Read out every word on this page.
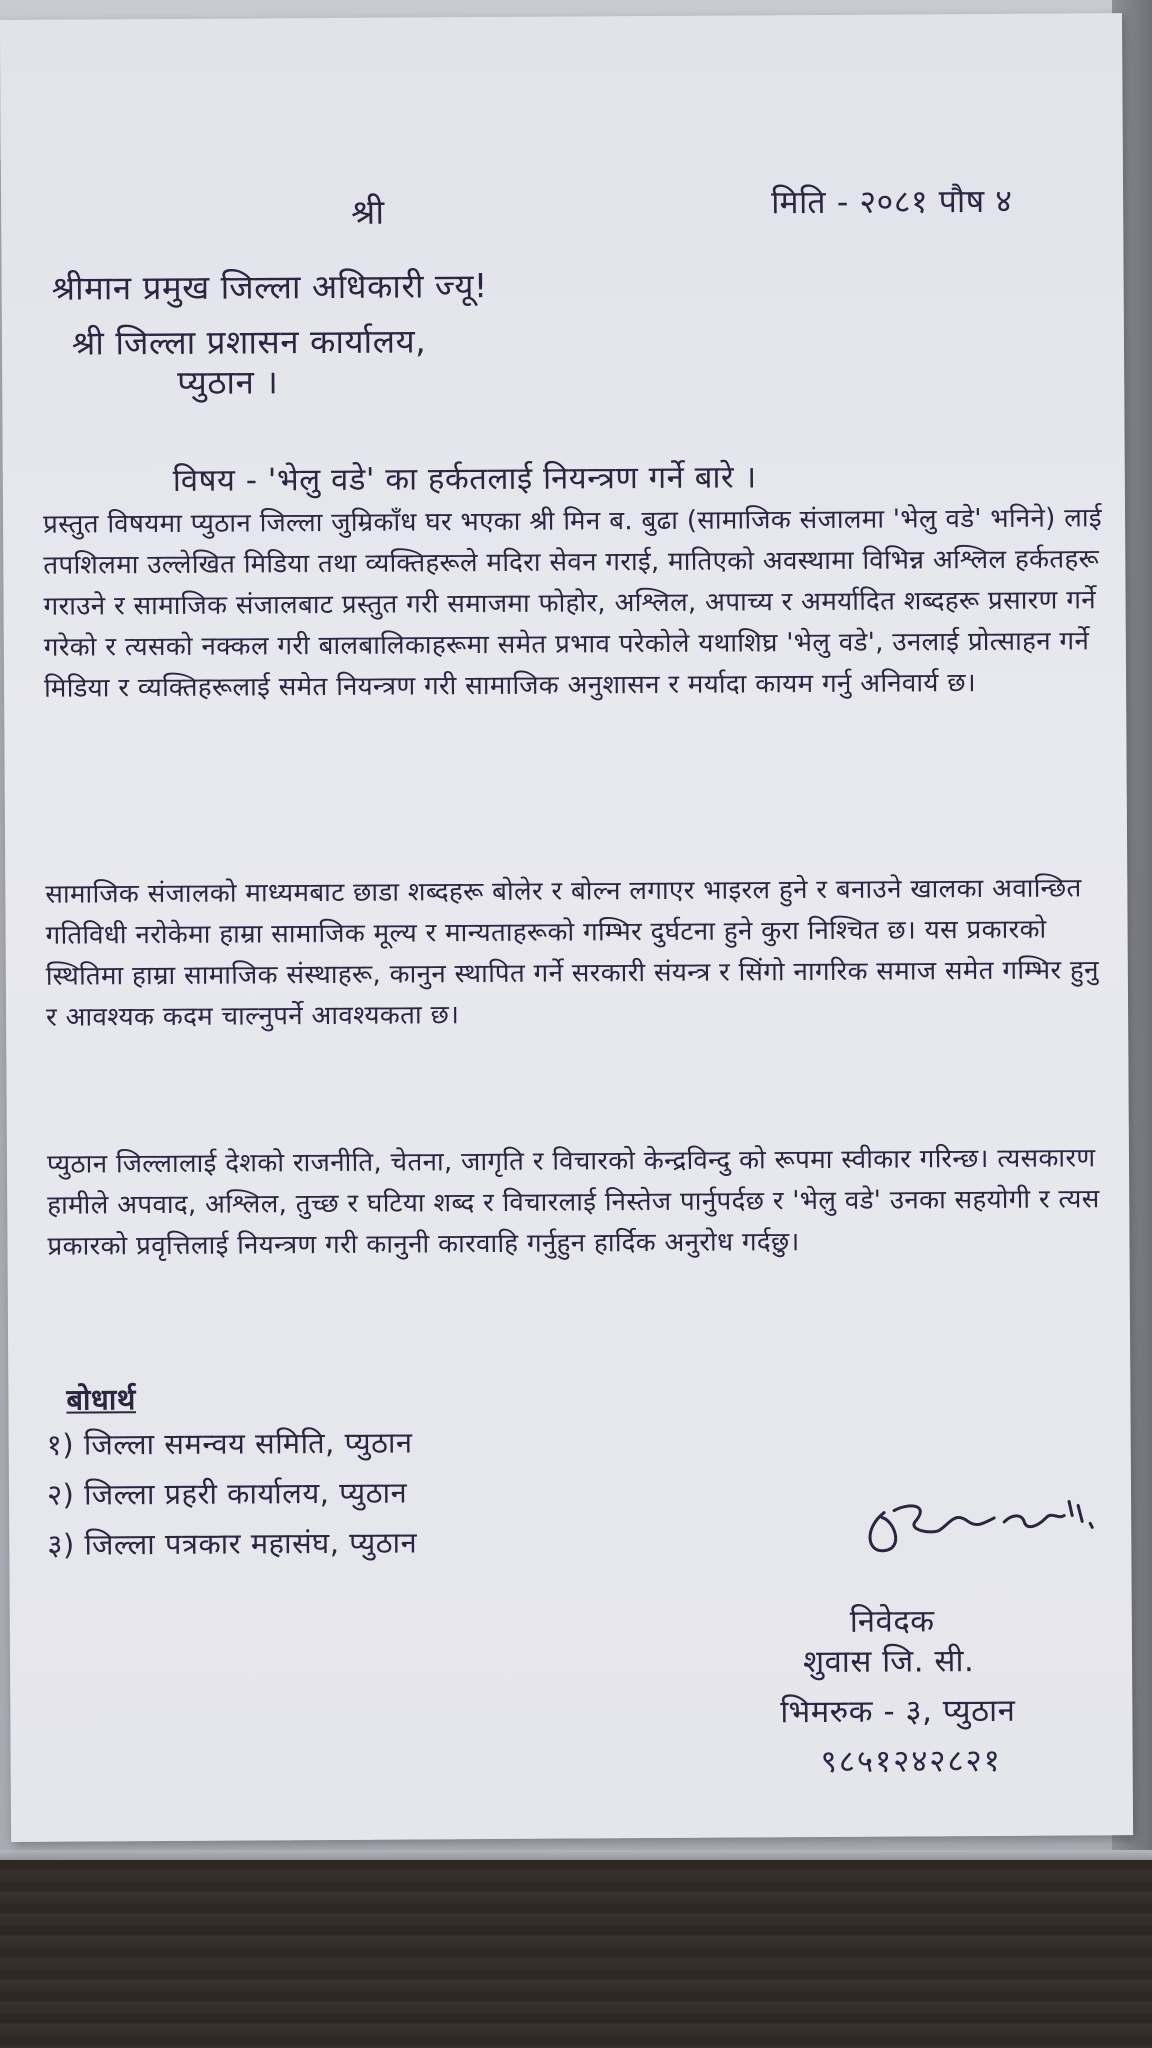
श्री	मिति - २०८१ पौष ४
श्रीमान प्रमुख जिल्ला अधिकारी ज्यू!
श्री जिल्ला प्रशासन कार्यालय,
प्युठान ।
विषय - 'भेलु वडे' का हर्कतलाई नियन्त्रण गर्ने बारे ।
प्रस्तुत विषयमा प्युठान जिल्ला जुम्रिकाँध घर भएका श्री मिन ब. बुढा (सामाजिक संजालमा 'भेलु वडे' भनिने) लाई तपशिलमा उल्लेखित मिडिया तथा व्यक्तिहरूले मदिरा सेवन गराई, मातिएको अवस्थामा विभिन्न अश्लिल हर्कतहरू गराउने र सामाजिक संजालबाट प्रस्तुत गरी समाजमा फोहोर, अश्लिल, अपाच्य र अमर्यादित शब्दहरू प्रसारण गर्ने गरेको र त्यसको नक्कल गरी बालबालिकाहरूमा समेत प्रभाव परेकोले यथाशिघ्र 'भेलु वडे', उनलाई प्रोत्साहन गर्ने मिडिया र व्यक्तिहरूलाई समेत नियन्त्रण गरी सामाजिक अनुशासन र मर्यादा कायम गर्नु अनिवार्य छ।
सामाजिक संजालको माध्यमबाट छाडा शब्दहरू बोलेर र बोल्न लगाएर भाइरल हुने र बनाउने खालका अवान्छित गतिविधी नरोकेमा हाम्रा सामाजिक मूल्य र मान्यताहरूको गम्भिर दुर्घटना हुने कुरा निश्चित छ। यस प्रकारको स्थितिमा हाम्रा सामाजिक संस्थाहरू, कानुन स्थापित गर्ने सरकारी संयन्त्र र सिंगो नागरिक समाज समेत गम्भिर हुनु र आवश्यक कदम चाल्नुपर्ने आवश्यकता छ।
प्युठान जिल्लालाई देशको राजनीति, चेतना, जागृति र विचारको केन्द्रविन्दु को रूपमा स्वीकार गरिन्छ। त्यसकारण हामीले अपवाद, अश्लिल, तुच्छ र घटिया शब्द र विचारलाई निस्तेज पार्नुपर्दछ र 'भेलु वडे' उनका सहयोगी र त्यस प्रकारको प्रवृत्तिलाई नियन्त्रण गरी कानुनी कारवाहि गर्नुहुन हार्दिक अनुरोध गर्दछु।
बोधार्थ
१) जिल्ला समन्वय समिति, प्युठान
२) जिल्ला प्रहरी कार्यालय, प्युठान
३) जिल्ला पत्रकार महासंघ, प्युठान
निवेदक
शुवास जि. सी.
भिमरुक - ३, प्युठान
९८५१२४२८२१
